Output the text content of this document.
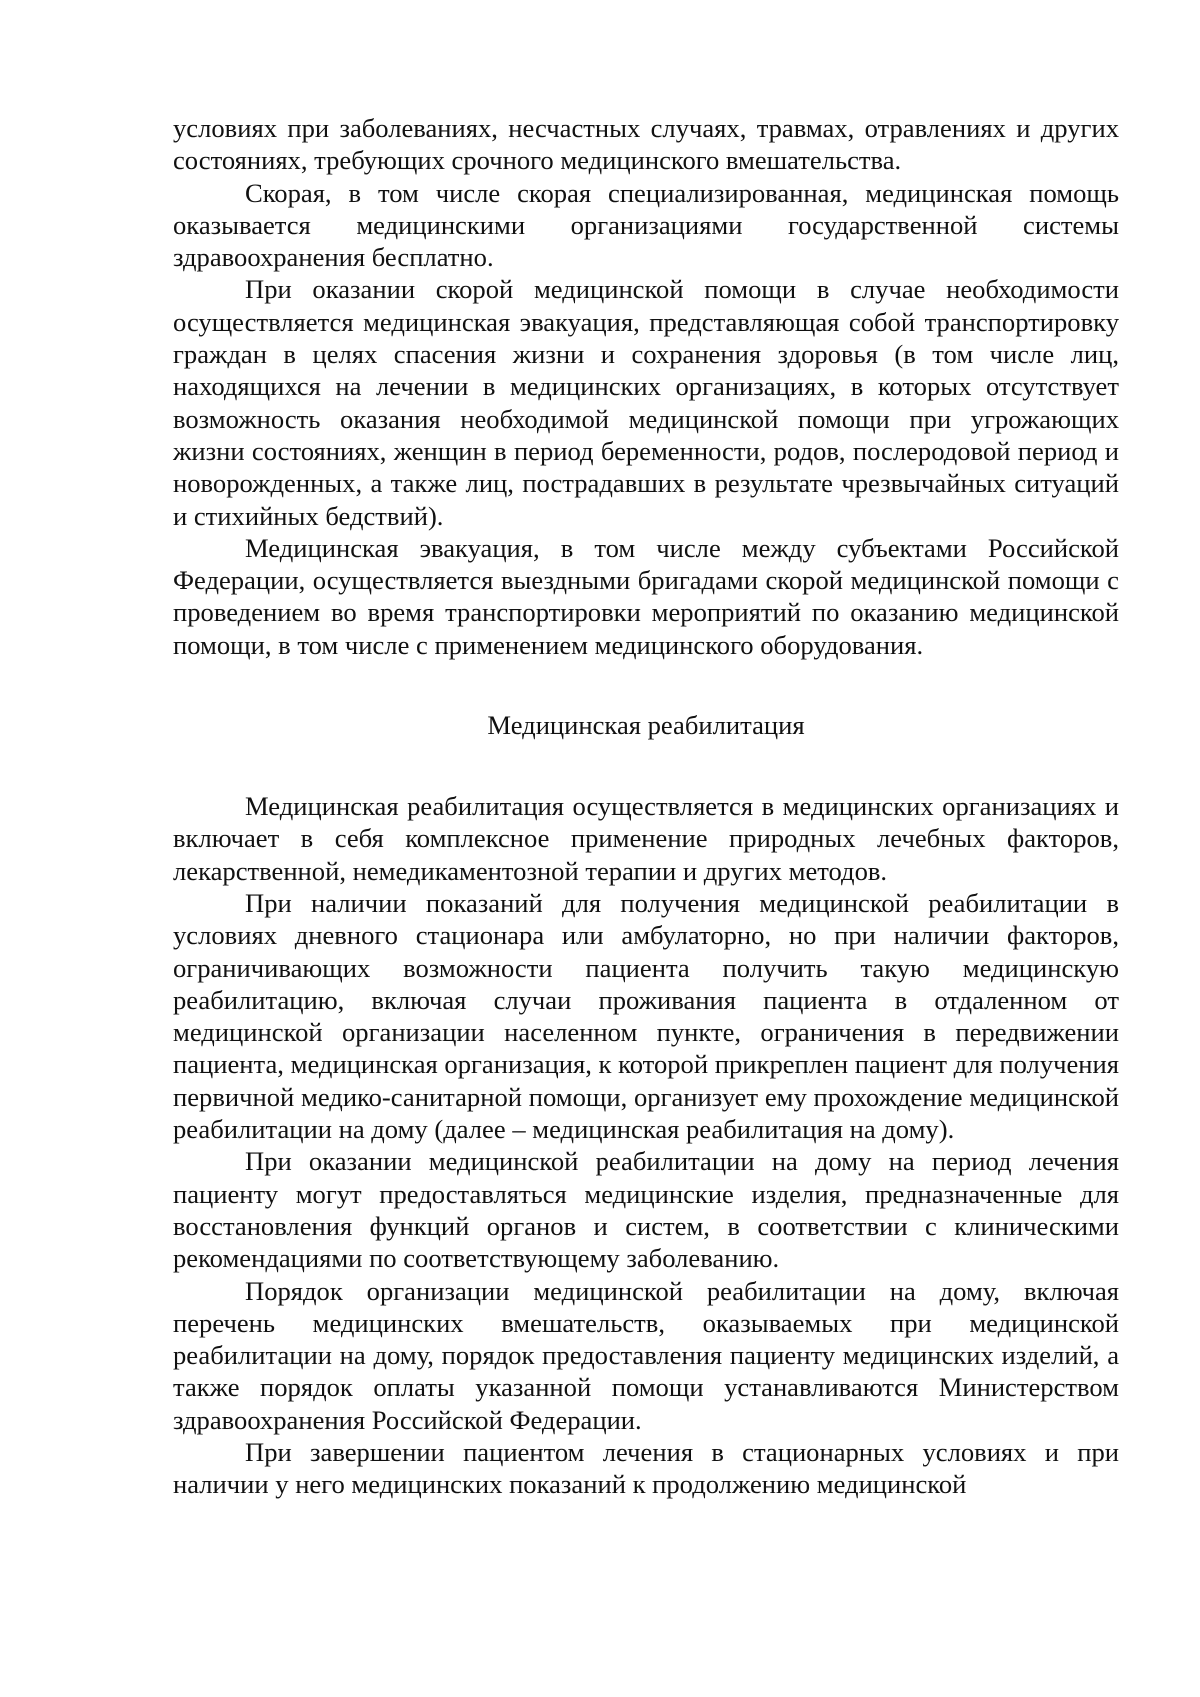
условиях при заболеваниях, несчастных случаях, травмах, отравлениях и других состояниях, требующих срочного медицинского вмешательства.

Скорая, в том числе скорая специализированная, медицинская помощь оказывается медицинскими организациями государственной системы здравоохранения бесплатно.

При оказании скорой медицинской помощи в случае необходимости осуществляется медицинская эвакуация, представляющая собой транспортировку граждан в целях спасения жизни и сохранения здоровья (в том числе лиц, находящихся на лечении в медицинских организациях, в которых отсутствует возможность оказания необходимой медицинской помощи при угрожающих жизни состояниях, женщин в период беременности, родов, послеродовой период и новорожденных, а также лиц, пострадавших в результате чрезвычайных ситуаций и стихийных бедствий).

Медицинская эвакуация, в том числе между субъектами Российской Федерации, осуществляется выездными бригадами скорой медицинской помощи с проведением во время транспортировки мероприятий по оказанию медицинской помощи, в том числе с применением медицинского оборудования.

Медицинская реабилитация

Медицинская реабилитация осуществляется в медицинских организациях и включает в себя комплексное применение природных лечебных факторов, лекарственной, немедикаментозной терапии и других методов.

При наличии показаний для получения медицинской реабилитации в условиях дневного стационара или амбулаторно, но при наличии факторов, ограничивающих возможности пациента получить такую медицинскую реабилитацию, включая случаи проживания пациента в отдаленном от медицинской организации населенном пункте, ограничения в передвижении пациента, медицинская организация, к которой прикреплен пациент для получения первичной медико-санитарной помощи, организует ему прохождение медицинской реабилитации на дому (далее – медицинская реабилитация на дому).

При оказании медицинской реабилитации на дому на период лечения пациенту могут предоставляться медицинские изделия, предназначенные для восстановления функций органов и систем, в соответствии с клиническими рекомендациями по соответствующему заболеванию.

Порядок организации медицинской реабилитации на дому, включая перечень медицинских вмешательств, оказываемых при медицинской реабилитации на дому, порядок предоставления пациенту медицинских изделий, а также порядок оплаты указанной помощи устанавливаются Министерством здравоохранения Российской Федерации.

При завершении пациентом лечения в стационарных условиях и при наличии у него медицинских показаний к продолжению медицинской
